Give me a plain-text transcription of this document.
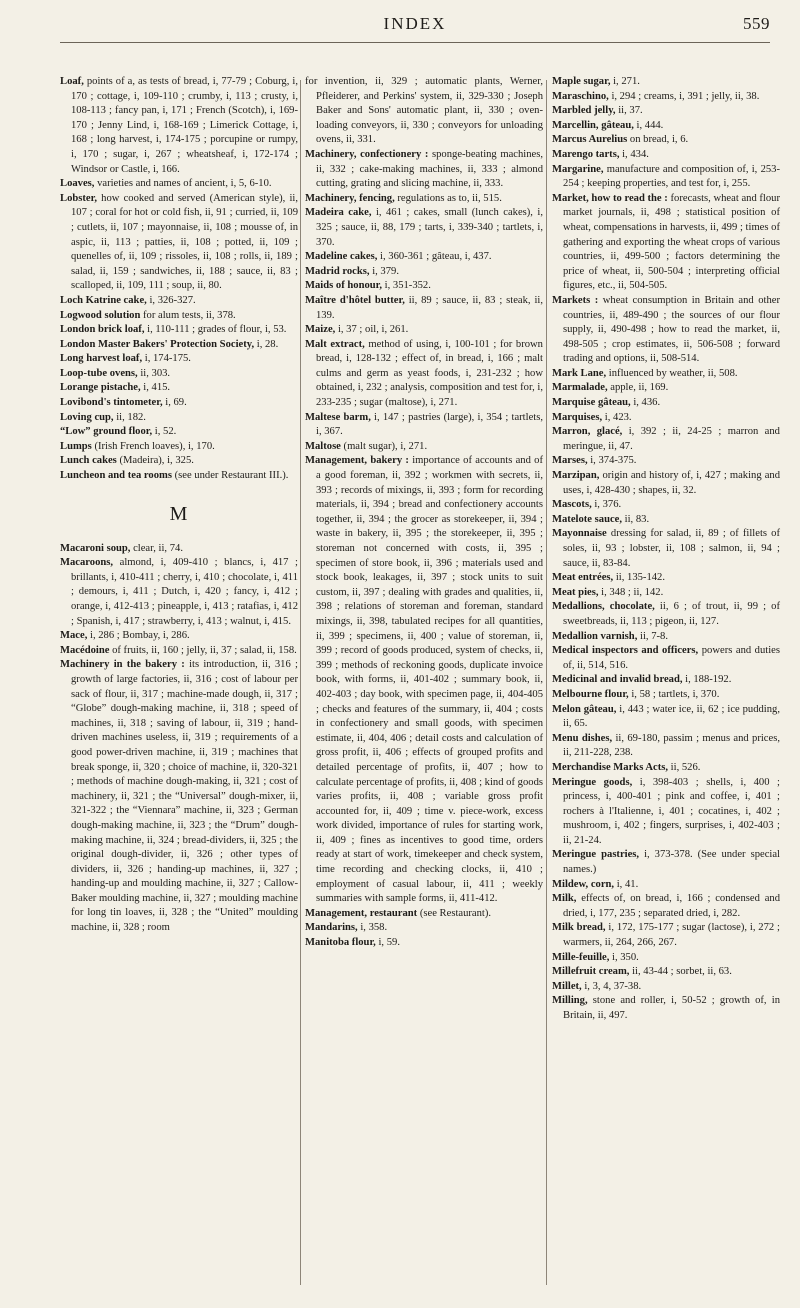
INDEX	559
Loaf, points of a, as tests of bread, i, 77-79 ; Coburg, i, 170 ; cottage, i, 109-110 ; crumby, i, 113 ; crusty, i, 108-113 ; fancy pan, i, 171 ; French (Scotch), i, 169-170 ; Jenny Lind, i, 168-169 ; Limerick Cottage, i, 168 ; long harvest, i, 174-175 ; porcupine or rumpy, i, 170 ; sugar, i, 267 ; wheatsheaf, i, 172-174 ; Windsor or Castle, i, 166.
Loaves, varieties and names of ancient, i, 5, 6-10.
Lobster, how cooked and served (American style), ii, 107 ; coral for hot or cold fish, ii, 91 ; curried, ii, 109 ; cutlets, ii, 107 ; mayonnaise, ii, 108 ; mousse of, in aspic, ii, 113 ; patties, ii, 108 ; potted, ii, 109 ; quenelles of, ii, 109 ; rissoles, ii, 108 ; rolls, ii, 189 ; salad, ii, 159 ; sandwiches, ii, 188 ; sauce, ii, 83 ; scalloped, ii, 109, 111 ; soup, ii, 80.
Loch Katrine cake, i, 326-327.
Logwood solution for alum tests, ii, 378.
London brick loaf, i, 110-111 ; grades of flour, i, 53.
London Master Bakers' Protection Society, i, 28.
Long harvest loaf, i, 174-175.
Loop-tube ovens, ii, 303.
Lorange pistache, i, 415.
Lovibond's tintometer, i, 69.
Loving cup, ii, 182.
“Low” ground floor, i, 52.
Lumps (Irish French loaves), i, 170.
Lunch cakes (Madeira), i, 325.
Luncheon and tea rooms (see under Restaurant III.).
M
Macaroni soup, clear, ii, 74.
Macaroons, almond, i, 409-410 ; blancs, i, 417 ; brillants, i, 410-411 ; cherry, i, 410 ; chocolate, i, 411 ; demours, i, 411 ; Dutch, i, 420 ; fancy, i, 412 ; orange, i, 412-413 ; pineapple, i, 413 ; ratafias, i, 412 ; Spanish, i, 417 ; strawberry, i, 413 ; walnut, i, 415.
Mace, i, 286 ; Bombay, i, 286.
Macédoine of fruits, ii, 160 ; jelly, ii, 37 ; salad, ii, 158.
Machinery in the bakery : its introduction, ii, 316 ; growth of large factories, ii, 316 ; cost of labour per sack of flour, ii, 317 ; machine-made dough, ii, 317 ; “Globe” dough-making machine, ii, 318 ; speed of machines, ii, 318 ; saving of labour, ii, 319 ; hand-driven machines useless, ii, 319 ; requirements of a good power-driven machine, ii, 319 ; machines that break sponge, ii, 320 ; choice of machine, ii, 320-321 ; methods of machine dough-making, ii, 321 ; cost of machinery, ii, 321 ; the “Universal” dough-mixer, ii, 321-322 ; the “Viennara” machine, ii, 323 ; German dough-making machine, ii, 323 ; the “Drum” dough-making machine, ii, 324 ; bread-dividers, ii, 325 ; the original dough-divider, ii, 326 ; other types of dividers, ii, 326 ; handing-up machines, ii, 327 ; handing-up and moulding machine, ii, 327 ; Callow-Baker moulding machine, ii, 327 ; moulding machine for long tin loaves, ii, 328 ; the “United” moulding machine, ii, 328 ; room
for invention, ii, 329 ; automatic plants, Werner, Pfleiderer, and Perkins' system, ii, 329-330 ; Joseph Baker and Sons' automatic plant, ii, 330 ; oven-loading conveyors, ii, 330 ; conveyors for unloading ovens, ii, 331.
Machinery, confectionery : sponge-beating machines, ii, 332 ; cake-making machines, ii, 333 ; almond cutting, grating and slicing machine, ii, 333.
Machinery, fencing, regulations as to, ii, 515.
Madeira cake, i, 461 ; cakes, small (lunch cakes), i, 325 ; sauce, ii, 88, 179 ; tarts, i, 339-340 ; tartlets, i, 370.
Madeline cakes, i, 360-361 ; gâteau, i, 437.
Madrid rocks, i, 379.
Maids of honour, i, 351-352.
Maître d'hôtel butter, ii, 89 ; sauce, ii, 83 ; steak, ii, 139.
Maize, i, 37 ; oil, i, 261.
Malt extract, method of using, i, 100-101 ; for brown bread, i, 128-132 ; effect of, in bread, i, 166 ; malt culms and germ as yeast foods, i, 231-232 ; how obtained, i, 232 ; analysis, composition and test for, i, 233-235 ; sugar (maltose), i, 271.
Maltese barm, i, 147 ; pastries (large), i, 354 ; tartlets, i, 367.
Maltose (malt sugar), i, 271.
Management, bakery : importance of accounts and of a good foreman, ii, 392 ; workmen with secrets, ii, 393 ; records of mixings, ii, 393 ; form for recording materials, ii, 394 ; bread and confectionery accounts together, ii, 394 ; the grocer as storekeeper, ii, 394 ; waste in bakery, ii, 395 ; the storekeeper, ii, 395 ; storeman not concerned with costs, ii, 395 ; specimen of store book, ii, 396 ; materials used and stock book, leakages, ii, 397 ; stock units to suit custom, ii, 397 ; dealing with grades and qualities, ii, 398 ; relations of storeman and foreman, standard mixings, ii, 398, tabulated recipes for all quantities, ii, 399 ; specimens, ii, 400 ; value of storeman, ii, 399 ; record of goods produced, system of checks, ii, 399 ; methods of reckoning goods, duplicate invoice book, with forms, ii, 401-402 ; summary book, ii, 402-403 ; day book, with specimen page, ii, 404-405 ; checks and features of the summary, ii, 404 ; costs in confectionery and small goods, with specimen estimate, ii, 404, 406 ; detail costs and calculation of gross profit, ii, 406 ; effects of grouped profits and detailed percentage of profits, ii, 407 ; how to calculate percentage of profits, ii, 408 ; kind of goods varies profits, ii, 408 ; variable gross profit accounted for, ii, 409 ; time v. piece-work, excess work divided, importance of rules for starting work, ii, 409 ; fines as incentives to good time, orders ready at start of work, timekeeper and check system, time recording and checking clocks, ii, 410 ; employment of casual labour, ii, 411 ; weekly summaries with sample forms, ii, 411-412.
Management, restaurant (see Restaurant).
Mandarins, i, 358.
Manitoba flour, i, 59.
Maple sugar, i, 271.
Maraschino, i, 294 ; creams, i, 391 ; jelly, ii, 38.
Marbled jelly, ii, 37.
Marcellin, gâteau, i, 444.
Marcus Aurelius on bread, i, 6.
Marengo tarts, i, 434.
Margarine, manufacture and composition of, i, 253-254 ; keeping properties, and test for, i, 255.
Market, how to read the : forecasts, wheat and flour market journals, ii, 498 ; statistical position of wheat, compensations in harvests, ii, 499 ; times of gathering and exporting the wheat crops of various countries, ii, 499-500 ; factors determining the price of wheat, ii, 500-504 ; interpreting official figures, etc., ii, 504-505.
Markets : wheat consumption in Britain and other countries, ii, 489-490 ; the sources of our flour supply, ii, 490-498 ; how to read the market, ii, 498-505 ; crop estimates, ii, 506-508 ; forward trading and options, ii, 508-514.
Mark Lane, influenced by weather, ii, 508.
Marmalade, apple, ii, 169.
Marquise gâteau, i, 436.
Marquises, i, 423.
Marron, glacé, i, 392 ; ii, 24-25 ; marron and meringue, ii, 47.
Marses, i, 374-375.
Marzipan, origin and history of, i, 427 ; making and uses, i, 428-430 ; shapes, ii, 32.
Mascots, i, 376.
Matelote sauce, ii, 83.
Mayonnaise dressing for salad, ii, 89 ; of fillets of soles, ii, 93 ; lobster, ii, 108 ; salmon, ii, 94 ; sauce, ii, 83-84.
Meat entrées, ii, 135-142.
Meat pies, i, 348 ; ii, 142.
Medallions, chocolate, ii, 6 ; of trout, ii, 99 ; of sweetbreads, ii, 113 ; pigeon, ii, 127.
Medallion varnish, ii, 7-8.
Medical inspectors and officers, powers and duties of, ii, 514, 516.
Medicinal and invalid bread, i, 188-192.
Melbourne flour, i, 58 ; tartlets, i, 370.
Melon gâteau, i, 443 ; water ice, ii, 62 ; ice pudding, ii, 65.
Menu dishes, ii, 69-180, passim ; menus and prices, ii, 211-228, 238.
Merchandise Marks Acts, ii, 526.
Meringue goods, i, 398-403 ; shells, i, 400 ; princess, i, 400-401 ; pink and coffee, i, 401 ; rochers à l'Italienne, i, 401 ; cocatines, i, 402 ; mushroom, i, 402 ; fingers, surprises, i, 402-403 ; ii, 21-24.
Meringue pastries, i, 373-378. (See under special names.)
Mildew, corn, i, 41.
Milk, effects of, on bread, i, 166 ; condensed and dried, i, 177, 235 ; separated dried, i, 282.
Milk bread, i, 172, 175-177 ; sugar (lactose), i, 272 ; warmers, ii, 264, 266, 267.
Mille-feuille, i, 350.
Millefruit cream, ii, 43-44 ; sorbet, ii, 63.
Millet, i, 3, 4, 37-38.
Milling, stone and roller, i, 50-52 ; growth of, in Britain, ii, 497.
